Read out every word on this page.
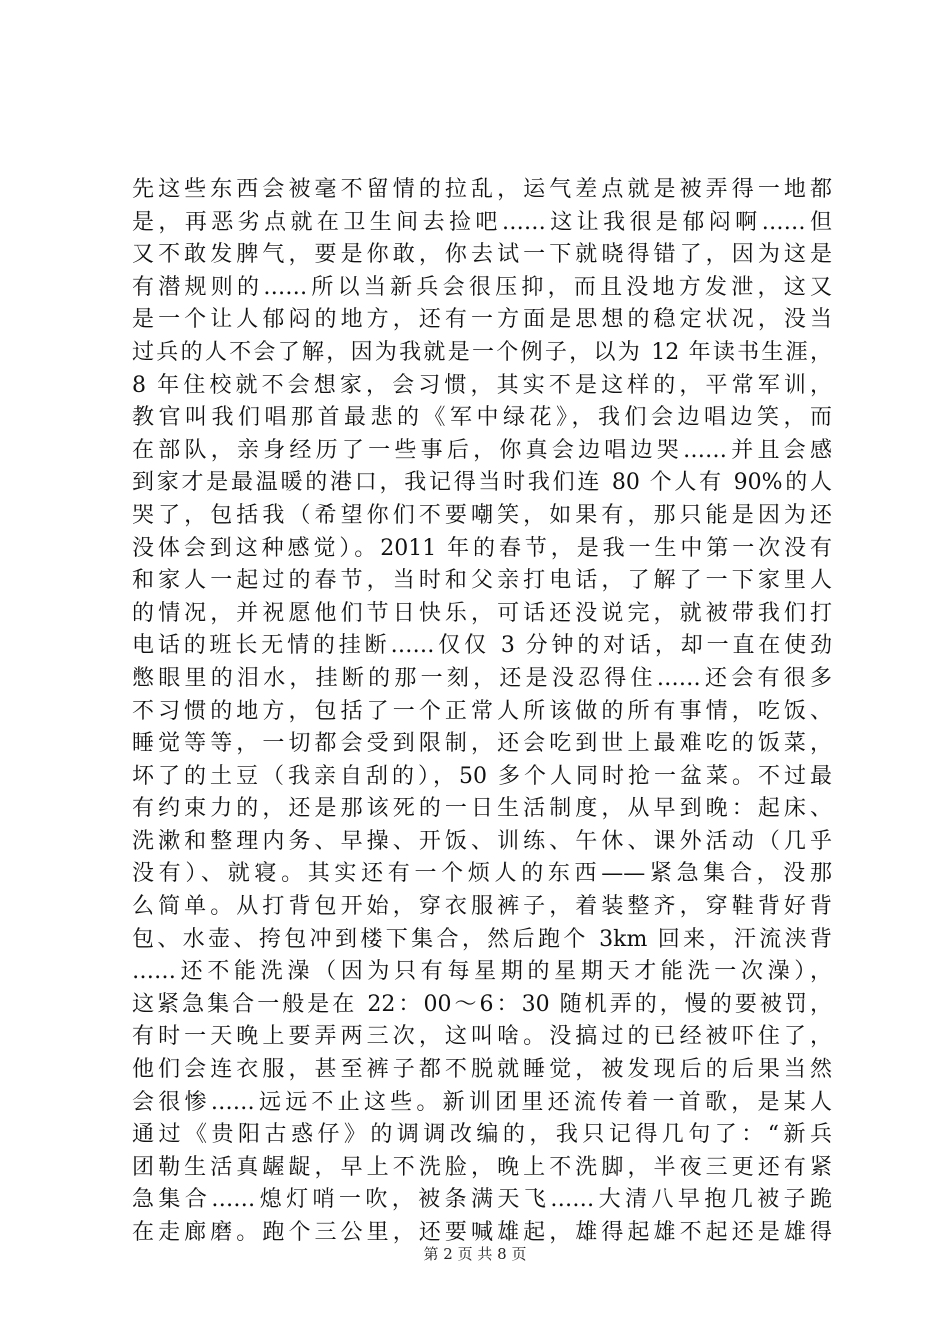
先这些东西会被毫不留情的拉乱，运气差点就是被弄得一地都
是，再恶劣点就在卫生间去捡吧……这让我很是郁闷啊……但
又不敢发脾气，要是你敢，你去试一下就晓得错了，因为这是
有潜规则的……所以当新兵会很压抑，而且没地方发泄，这又
是一个让人郁闷的地方，还有一方面是思想的稳定状况，没当
过兵的人不会了解，因为我就是一个例子，以为 12 年读书生涯，
8 年住校就不会想家，会习惯，其实不是这样的，平常军训，
教官叫我们唱那首最悲的《军中绿花》，我们会边唱边笑，而
在部队，亲身经历了一些事后，你真会边唱边哭……并且会感
到家才是最温暖的港口，我记得当时我们连 80 个人有 90%的人
哭了，包括我（希望你们不要嘲笑，如果有，那只能是因为还
没体会到这种感觉）。2011 年的春节，是我一生中第一次没有
和家人一起过的春节，当时和父亲打电话，了解了一下家里人
的情况，并祝愿他们节日快乐，可话还没说完，就被带我们打
电话的班长无情的挂断……仅仅 3 分钟的对话，却一直在使劲
憋眼里的泪水，挂断的那一刻，还是没忍得住……还会有很多
不习惯的地方，包括了一个正常人所该做的所有事情，吃饭、
睡觉等等，一切都会受到限制，还会吃到世上最难吃的饭菜，
坏了的土豆（我亲自刮的），50 多个人同时抢一盆菜。不过最
有约束力的，还是那该死的一日生活制度，从早到晚：起床、
洗漱和整理内务、早操、开饭、训练、午休、课外活动（几乎
没有）、就寝。其实还有一个烦人的东西——紧急集合，没那
么简单。从打背包开始，穿衣服裤子，着装整齐，穿鞋背好背
包、水壶、挎包冲到楼下集合，然后跑个 3km 回来，汗流浃背
……还不能洗澡（因为只有每星期的星期天才能洗一次澡），
这紧急集合一般是在 22：00～6：30 随机弄的，慢的要被罚，
有时一天晚上要弄两三次，这叫啥。没搞过的已经被吓住了，
他们会连衣服，甚至裤子都不脱就睡觉，被发现后的后果当然
会很惨……远远不止这些。新训团里还流传着一首歌，是某人
通过《贵阳古惑仔》的调调改编的，我只记得几句了：“新兵
团勒生活真龌龊，早上不洗脸，晚上不洗脚，半夜三更还有紧
急集合……熄灯哨一吹，被条满天飞……大清八早抱几被子跪
在走廊磨。跑个三公里，还要喊雄起，雄得起雄不起还是雄得
第 2 页 共 8 页
